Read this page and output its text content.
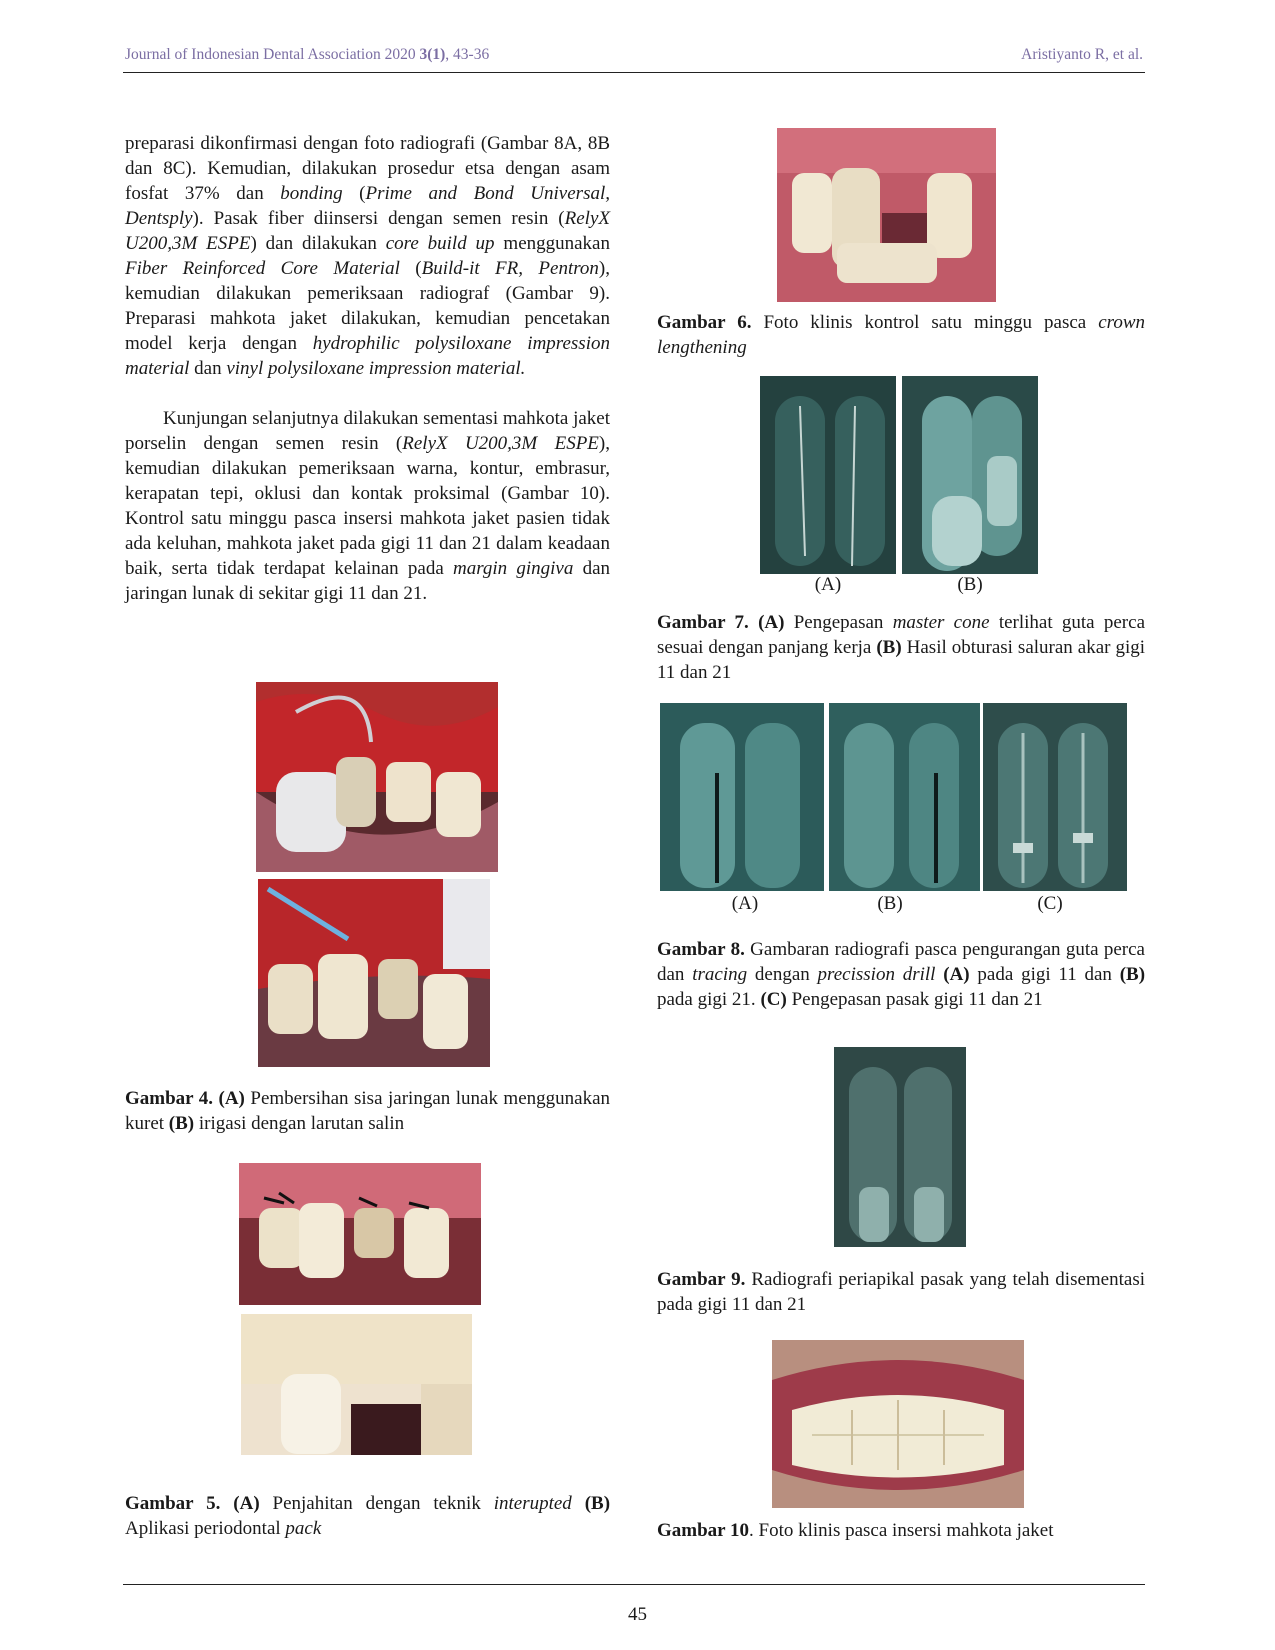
Journal of Indonesian Dental Association 2020 3(1), 43-36	Aristiyanto R, et al.

preparasi dikonfirmasi dengan foto radiografi (Gambar 8A, 8B dan 8C). Kemudian, dilakukan prosedur etsa dengan asam fosfat 37% dan bonding (Prime and Bond Universal, Dentsply). Pasak fiber diinsersi dengan semen resin (RelyX U200,3M ESPE) dan dilakukan core build up menggunakan Fiber Reinforced Core Material (Build-it FR, Pentron), kemudian dilakukan pemeriksaan radiograf (Gambar 9). Preparasi mahkota jaket dilakukan, kemudian pencetakan model kerja dengan hydrophilic polysiloxane impression material dan vinyl polysiloxane impression material.

Kunjungan selanjutnya dilakukan sementasi mahkota jaket porselin dengan semen resin (RelyX U200,3M ESPE), kemudian dilakukan pemeriksaan warna, kontur, embrasur, kerapatan tepi, oklusi dan kontak proksimal (Gambar 10). Kontrol satu minggu pasca insersi mahkota jaket pasien tidak ada keluhan, mahkota jaket pada gigi 11 dan 21 dalam keadaan baik, serta tidak terdapat kelainan pada margin gingiva dan jaringan lunak di sekitar gigi 11 dan 21.

Gambar 4. (A) Pembersihan sisa jaringan lunak menggunakan kuret (B) irigasi dengan larutan salin
Gambar 5. (A) Penjahitan dengan teknik interupted (B) Aplikasi periodontal pack
Gambar 6. Foto klinis kontrol satu minggu pasca crown lengthening
(A)	(B)
Gambar 7. (A) Pengepasan master cone terlihat guta perca sesuai dengan panjang kerja (B) Hasil obturasi saluran akar gigi 11 dan 21
(A)	(B)	(C)
Gambar 8. Gambaran radiografi pasca pengurangan guta perca dan tracing dengan precission drill (A) pada gigi 11 dan (B) pada gigi 21. (C) Pengepasan pasak gigi 11 dan 21
Gambar 9. Radiografi periapikal pasak yang telah disementasi pada gigi 11 dan 21
Gambar 10. Foto klinis pasca insersi mahkota jaket
45
